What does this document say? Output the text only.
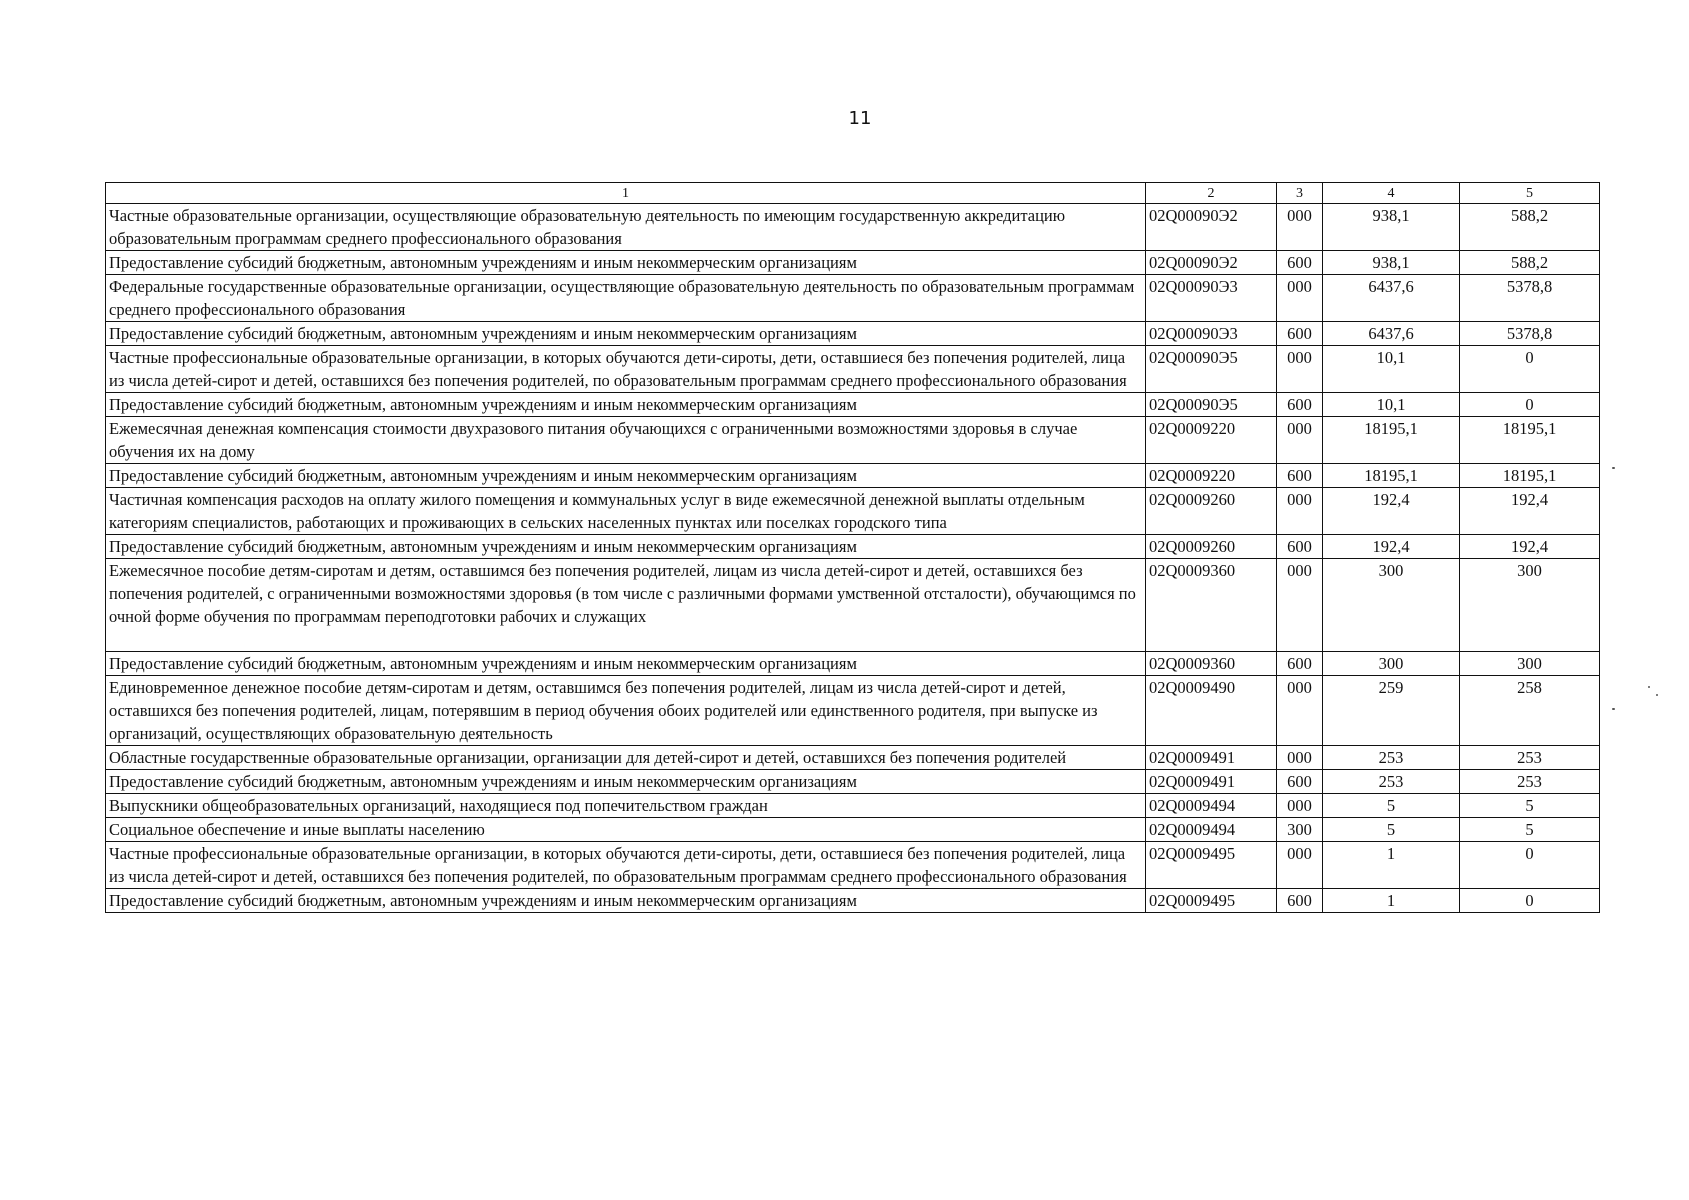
11
1	2	3	4	5
Частные образовательные организации, осуществляющие образовательную деятельность по имеющим государственную аккредитацию образовательным программам среднего профессионального образования	02Q00090Э2	000	938,1	588,2
Предоставление субсидий бюджетным, автономным учреждениям и иным некоммерческим организациям	02Q00090Э2	600	938,1	588,2
Федеральные государственные образовательные организации, осуществляющие образовательную деятельность по образовательным программам среднего профессионального образования	02Q00090Э3	000	6437,6	5378,8
Предоставление субсидий бюджетным, автономным учреждениям и иным некоммерческим организациям	02Q00090Э3	600	6437,6	5378,8
Частные профессиональные образовательные организации, в которых обучаются дети-сироты, дети, оставшиеся без попечения родителей, лица из числа детей-сирот и детей, оставшихся без попечения родителей, по образовательным программам среднего профессионального образования	02Q00090Э5	000	10,1	0
Предоставление субсидий бюджетным, автономным учреждениям и иным некоммерческим организациям	02Q00090Э5	600	10,1	0
Ежемесячная денежная компенсация стоимости двухразового питания обучающихся с ограниченными возможностями здоровья в случае обучения их на дому	02Q0009220	000	18195,1	18195,1
Предоставление субсидий бюджетным, автономным учреждениям и иным некоммерческим организациям	02Q0009220	600	18195,1	18195,1
Частичная компенсация расходов на оплату жилого помещения и коммунальных услуг в виде ежемесячной денежной выплаты отдельным категориям специалистов, работающих и проживающих в сельских населенных пунктах или поселках городского типа	02Q0009260	000	192,4	192,4
Предоставление субсидий бюджетным, автономным учреждениям и иным некоммерческим организациям	02Q0009260	600	192,4	192,4
Ежемесячное пособие детям-сиротам и детям, оставшимся без попечения родителей, лицам из числа детей-сирот и детей, оставшихся без попечения родителей, с ограниченными возможностями здоровья (в том числе с различными формами умственной отсталости), обучающимся по очной форме обучения по программам переподготовки рабочих и служащих	02Q0009360	000	300	300
Предоставление субсидий бюджетным, автономным учреждениям и иным некоммерческим организациям	02Q0009360	600	300	300
Единовременное денежное пособие детям-сиротам и детям, оставшимся без попечения родителей, лицам из числа детей-сирот и детей, оставшихся без попечения родителей, лицам, потерявшим в период обучения обоих родителей или единственного родителя, при выпуске из организаций, осуществляющих образовательную деятельность	02Q0009490	000	259	258
Областные государственные образовательные организации, организации для детей-сирот и детей, оставшихся без попечения родителей	02Q0009491	000	253	253
Предоставление субсидий бюджетным, автономным учреждениям и иным некоммерческим организациям	02Q0009491	600	253	253
Выпускники общеобразовательных организаций, находящиеся под попечительством граждан	02Q0009494	000	5	5
Социальное обеспечение и иные выплаты населению	02Q0009494	300	5	5
Частные профессиональные образовательные организации, в которых обучаются дети-сироты, дети, оставшиеся без попечения родителей, лица из числа детей-сирот и детей, оставшихся без попечения родителей, по образовательным программам среднего профессионального образования	02Q0009495	000	1	0
Предоставление субсидий бюджетным, автономным учреждениям и иным некоммерческим организациям	02Q0009495	600	1	0
